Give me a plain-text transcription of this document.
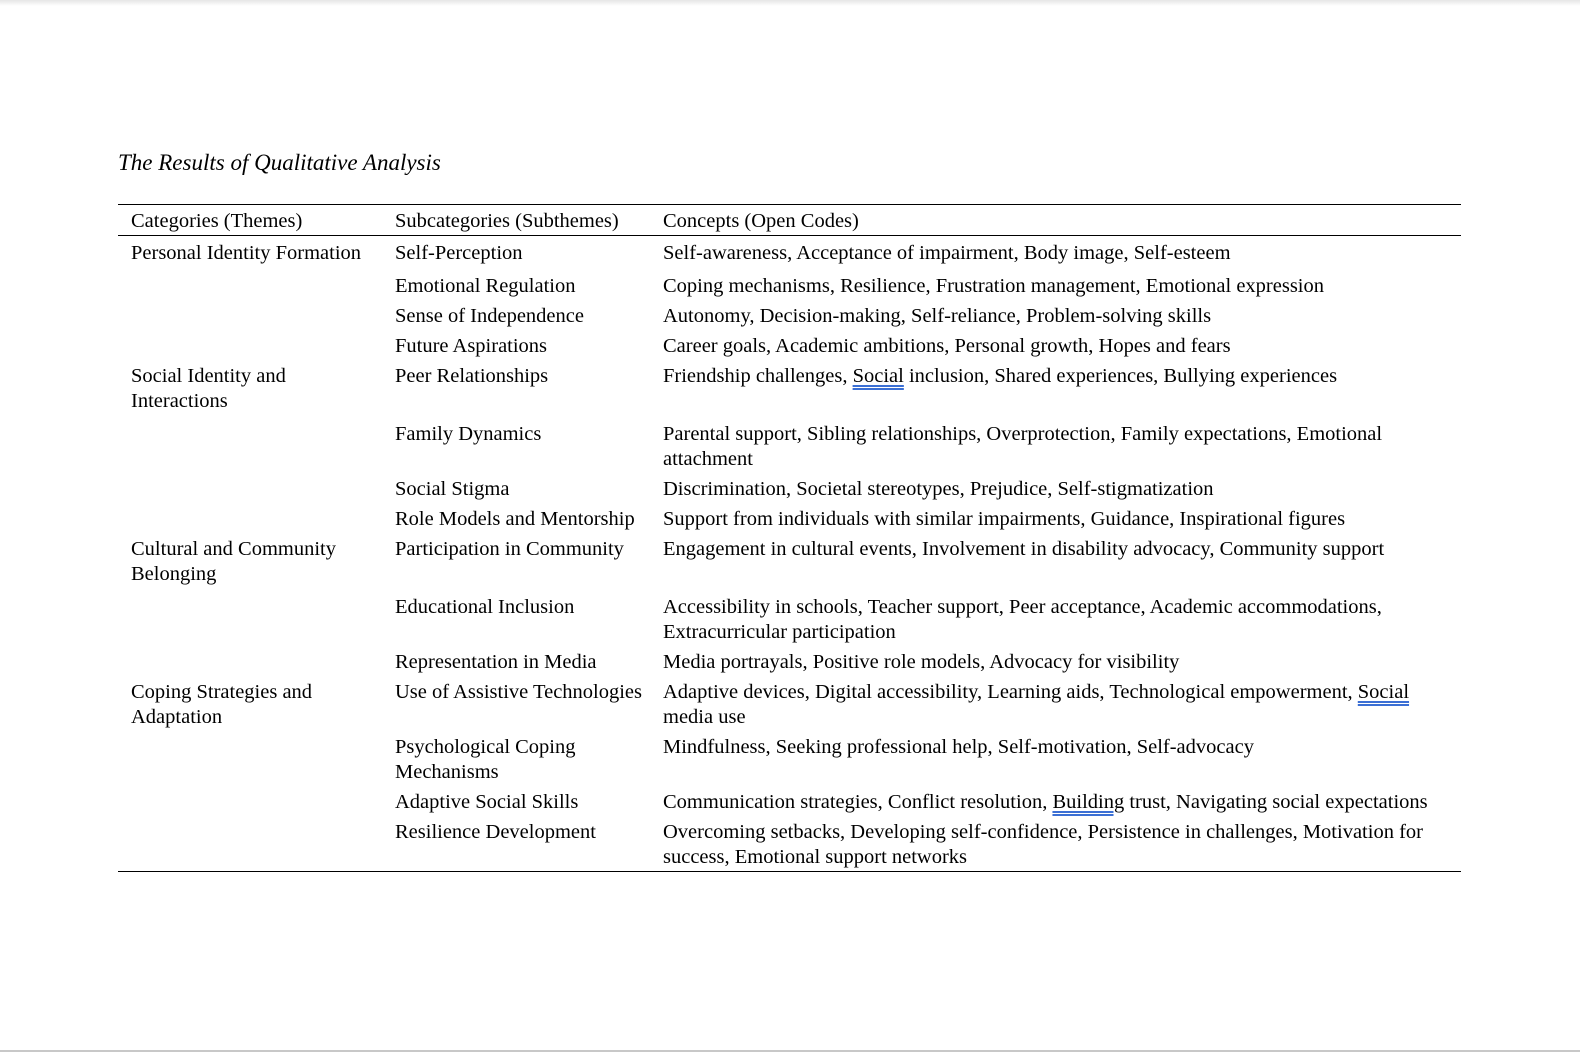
The Results of Qualitative Analysis
Categories (Themes)	Subcategories (Subthemes)	Concepts (Open Codes)
Personal Identity Formation	Self-Perception	Self-awareness, Acceptance of impairment, Body image, Self-esteem
	Emotional Regulation	Coping mechanisms, Resilience, Frustration management, Emotional expression
	Sense of Independence	Autonomy, Decision-making, Self-reliance, Problem-solving skills
	Future Aspirations	Career goals, Academic ambitions, Personal growth, Hopes and fears
Social Identity and Interactions	Peer Relationships	Friendship challenges, Social inclusion, Shared experiences, Bullying experiences
	Family Dynamics	Parental support, Sibling relationships, Overprotection, Family expectations, Emotional attachment
	Social Stigma	Discrimination, Societal stereotypes, Prejudice, Self-stigmatization
	Role Models and Mentorship	Support from individuals with similar impairments, Guidance, Inspirational figures
Cultural and Community Belonging	Participation in Community	Engagement in cultural events, Involvement in disability advocacy, Community support
	Educational Inclusion	Accessibility in schools, Teacher support, Peer acceptance, Academic accommodations, Extracurricular participation
	Representation in Media	Media portrayals, Positive role models, Advocacy for visibility
Coping Strategies and Adaptation	Use of Assistive Technologies	Adaptive devices, Digital accessibility, Learning aids, Technological empowerment, Social media use
	Psychological Coping Mechanisms	Mindfulness, Seeking professional help, Self-motivation, Self-advocacy
	Adaptive Social Skills	Communication strategies, Conflict resolution, Building trust, Navigating social expectations
	Resilience Development	Overcoming setbacks, Developing self-confidence, Persistence in challenges, Motivation for success, Emotional support networks
